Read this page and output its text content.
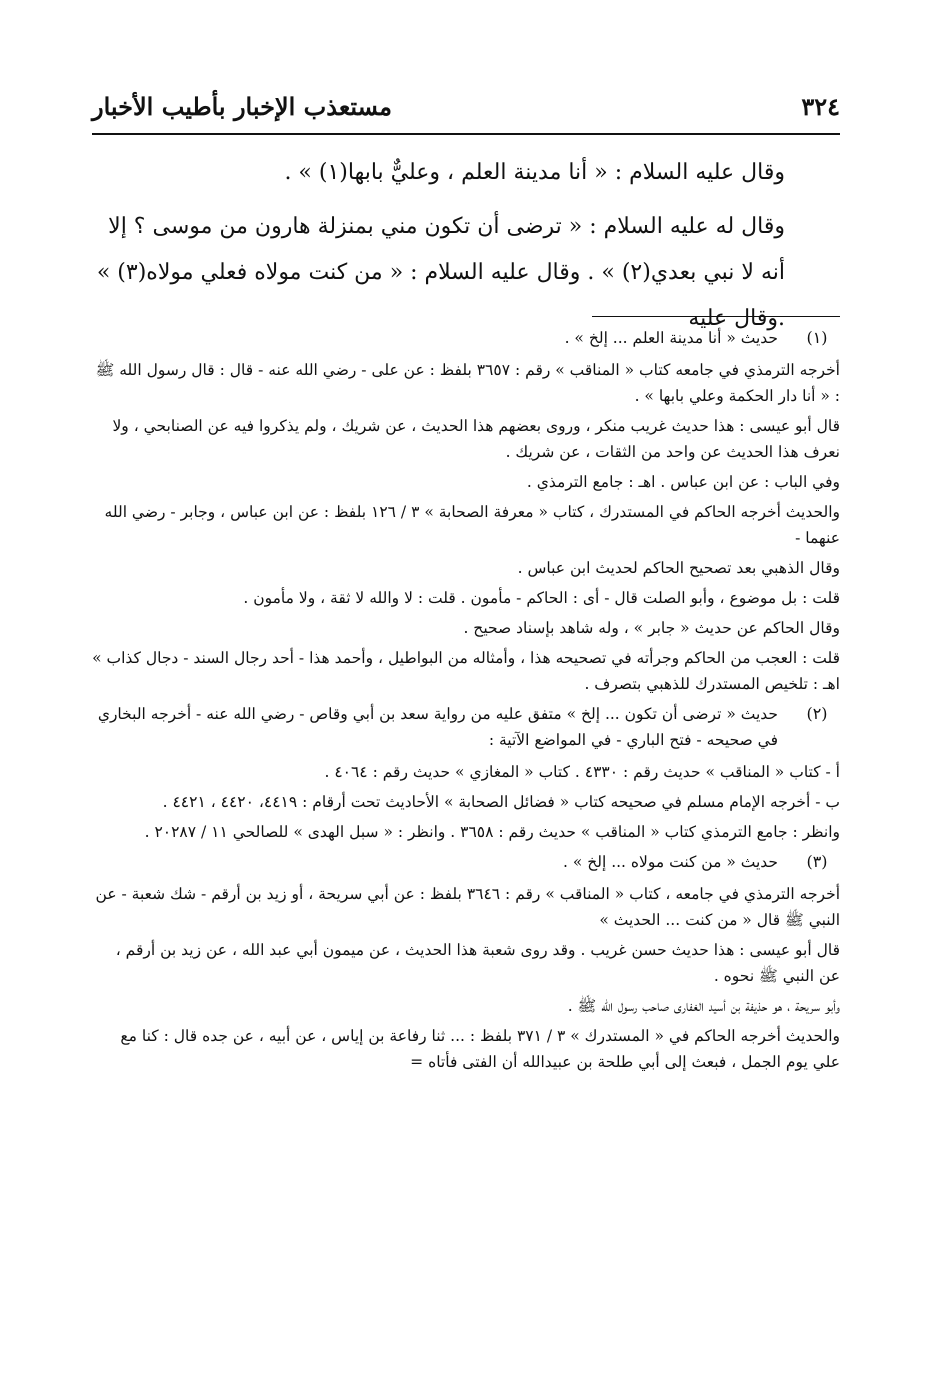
٣٢٤
مستعذب الإخبار بأطيب الأخبار

وقال عليه السلام : « أنا مدينة العلم ، وعليٌّ بابها(١) » .

وقال له عليه السلام : « ترضى أن تكون مني بمنزلة هارون من موسى ؟ إلا أنه لا نبي بعدي(٢) » . وقال عليه السلام : « من كنت مولاه فعلي مولاه(٣) » .وقال عليه

(١)

حديث « أنا مدينة العلم ... إلخ » .

أخرجه الترمذي في جامعه كتاب « المناقب » رقم : ٣٦٥٧ بلفظ : عن على - رضي الله عنه - قال : قال رسول الله ﷺ : « أنا دار الحكمة وعلي بابها » .

قال أبو عيسى : هذا حديث غريب منكر ، وروى بعضهم هذا الحديث ، عن شريك ، ولم يذكروا فيه عن الصنابحي ، ولا نعرف هذا الحديث عن واحد من الثقات ، عن شريك .

وفي الباب : عن ابن عباس . اهـ : جامع الترمذي .

والحديث أخرجه الحاكم في المستدرك ، كتاب « معرفة الصحابة » ٣ / ١٢٦ بلفظ : عن ابن عباس ، وجابر - رضي الله عنهما -

وقال الذهبي بعد تصحيح الحاكم لحديث ابن عباس .

قلت : بل موضوع ، وأبو الصلت قال - أى : الحاكم - مأمون . قلت : لا والله لا ثقة ، ولا مأمون .

وقال الحاكم عن حديث « جابر » ، وله شاهد بإسناد صحيح .

قلت : العجب من الحاكم وجرأته في تصحيحه هذا ، وأمثاله من البواطيل ، وأحمد هذا - أحد رجال السند - دجال كذاب » اهـ : تلخيص المستدرك للذهبي بتصرف .

(٢)

حديث « ترضى أن تكون ... إلخ » متفق عليه من رواية سعد بن أبي وقاص - رضي الله عنه - أخرجه البخاري في صحيحه - فتح الباري - في المواضع الآتية :

أ - كتاب « المناقب » حديث رقم : ٤٣٣٠ . كتاب « المغازي » حديث رقم : ٤٠٦٤ .

ب - أخرجه الإمام مسلم في صحيحه كتاب « فضائل الصحابة » الأحاديث تحت أرقام : ٤٤١٩، ٤٤٢٠ ، ٤٤٢١ .

وانظر : جامع الترمذي كتاب « المناقب » حديث رقم : ٣٦٥٨ . وانظر : « سبل الهدى » للصالحي ١١ / ٢٠٢٨٧ .

(٣)

حديث « من كنت مولاه ... إلخ » .

أخرجه الترمذي في جامعه ، كتاب « المناقب » رقم : ٣٦٤٦ بلفظ : عن أبي سريحة ، أو زيد بن أرقم - شك شعبة - عن النبي ﷺ قال « من كنت ... الحديث »

قال أبو عيسى : هذا حديث حسن غريب . وقد روى شعبة هذا الحديث ، عن ميمون أبي عبد الله ، عن زيد بن أرقم ، عن النبي ﷺ نحوه .

وأبو سريحة ، هو حذيفة بن أسيد الغفارى صاحب رسول الله ﷺ .

والحديث أخرجه الحاكم في « المستدرك » ٣ / ٣٧١ بلفظ : ... ثنا رفاعة بن إياس ، عن أبيه ، عن جده قال : كنا مع علي يوم الجمل ، فبعث إلى أبي طلحة بن عبيدالله أن الفتى فأتاه =
